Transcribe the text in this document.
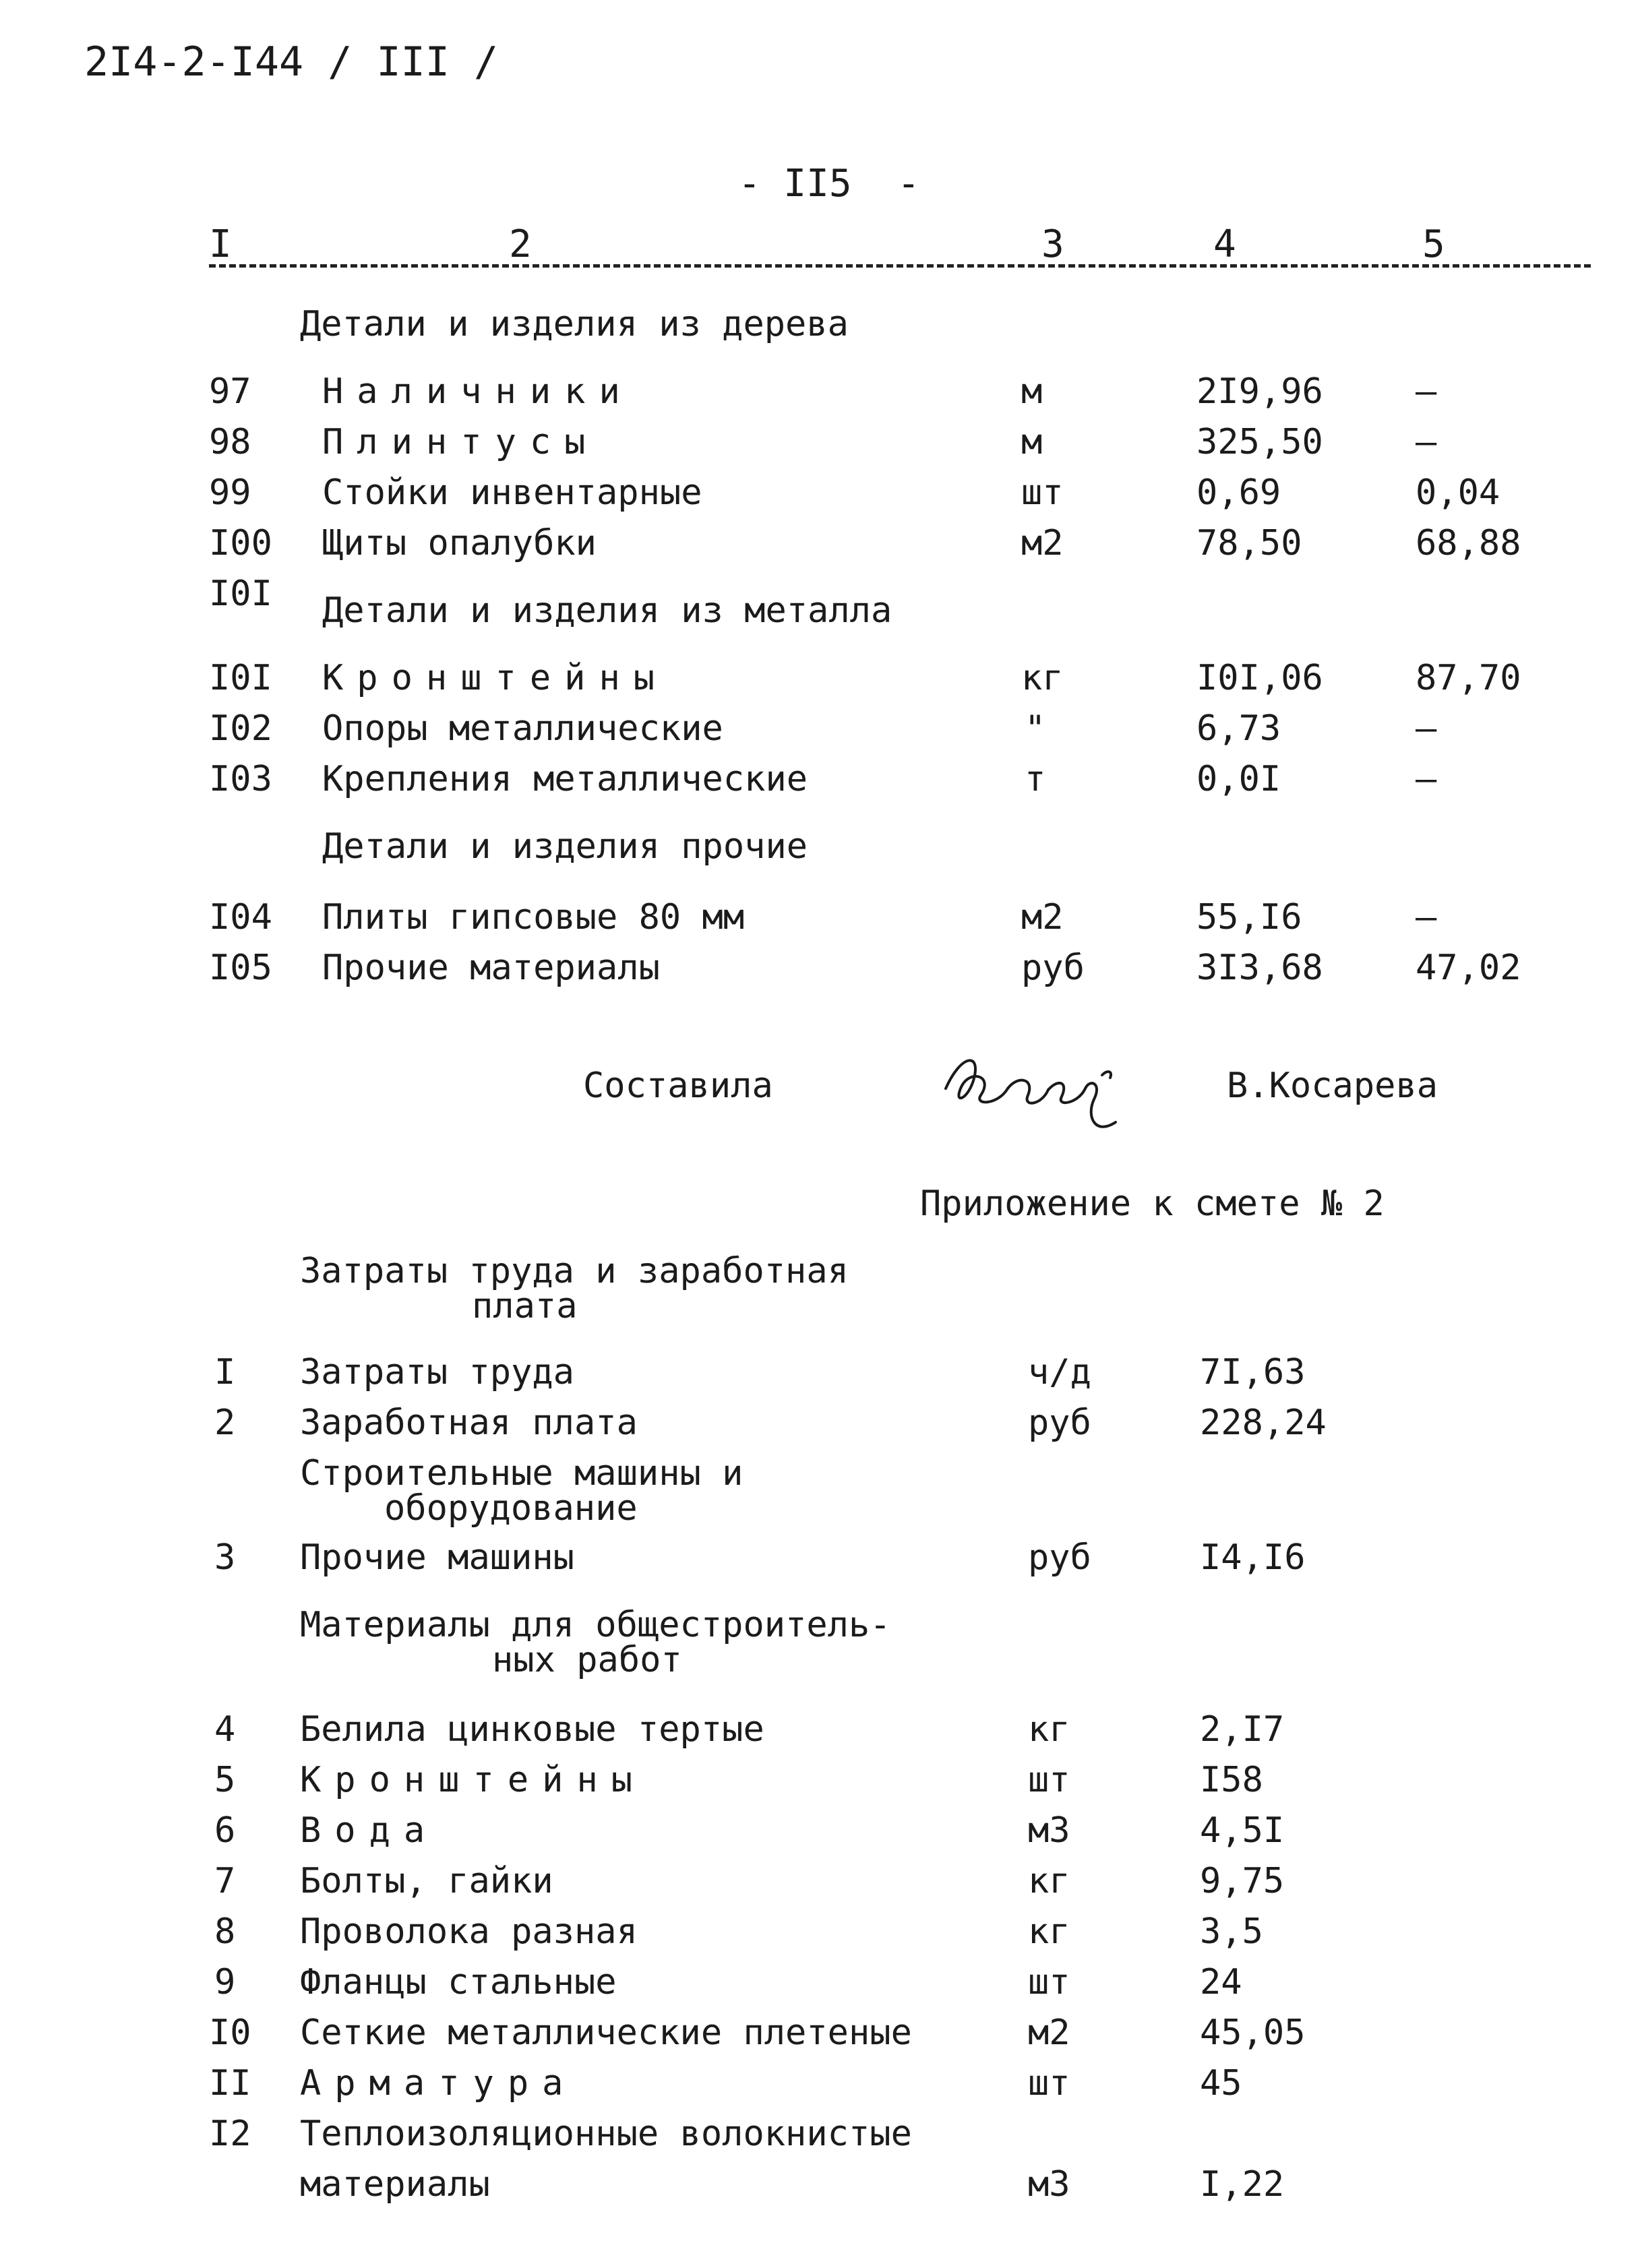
2I4-2-I44 / III /
- II5  -
I	2	3	4	5
Детали и изделия из дерева
97 Наличники	м	2I9,96	–
98 Плинтусы	м	325,50	–
99 Стойки инвентарные	шт	0,69	0,04
I00 Щиты опалубки	м2	78,50	68,88
I0I Детали и изделия из металла
I0I Кронштейны	кг	I0I,06	87,70
I02 Опоры металлические	"	6,73	–
I03 Крепления металлические	т	0,0I	–
Детали и изделия прочие
I04 Плиты гипсовые 80 мм	м2	55,I6	–
I05 Прочие материалы	руб	3I3,68	47,02
Составила	В.Косарева
Приложение к смете № 2
Затраты труда и заработная
плата
I Затраты труда	ч/д	7I,63
2 Заработная плата	руб	228,24
Строительные машины и
оборудование
3 Прочие машины	руб	I4,I6
Материалы для общестроитель-
ных работ
4 Белила цинковые тертые	кг	2,I7
5 Кронштейны	шт	I58
6 Вода	м3	4,5I
7 Болты, гайки	кг	9,75
8 Проволока разная	кг	3,5
9 Фланцы стальные	шт	24
I0 Сеткие металлические плетеные	м2	45,05
II Арматура	шт	45
I2 Теплоизоляционные волокнистые
материалы	м3	I,22
